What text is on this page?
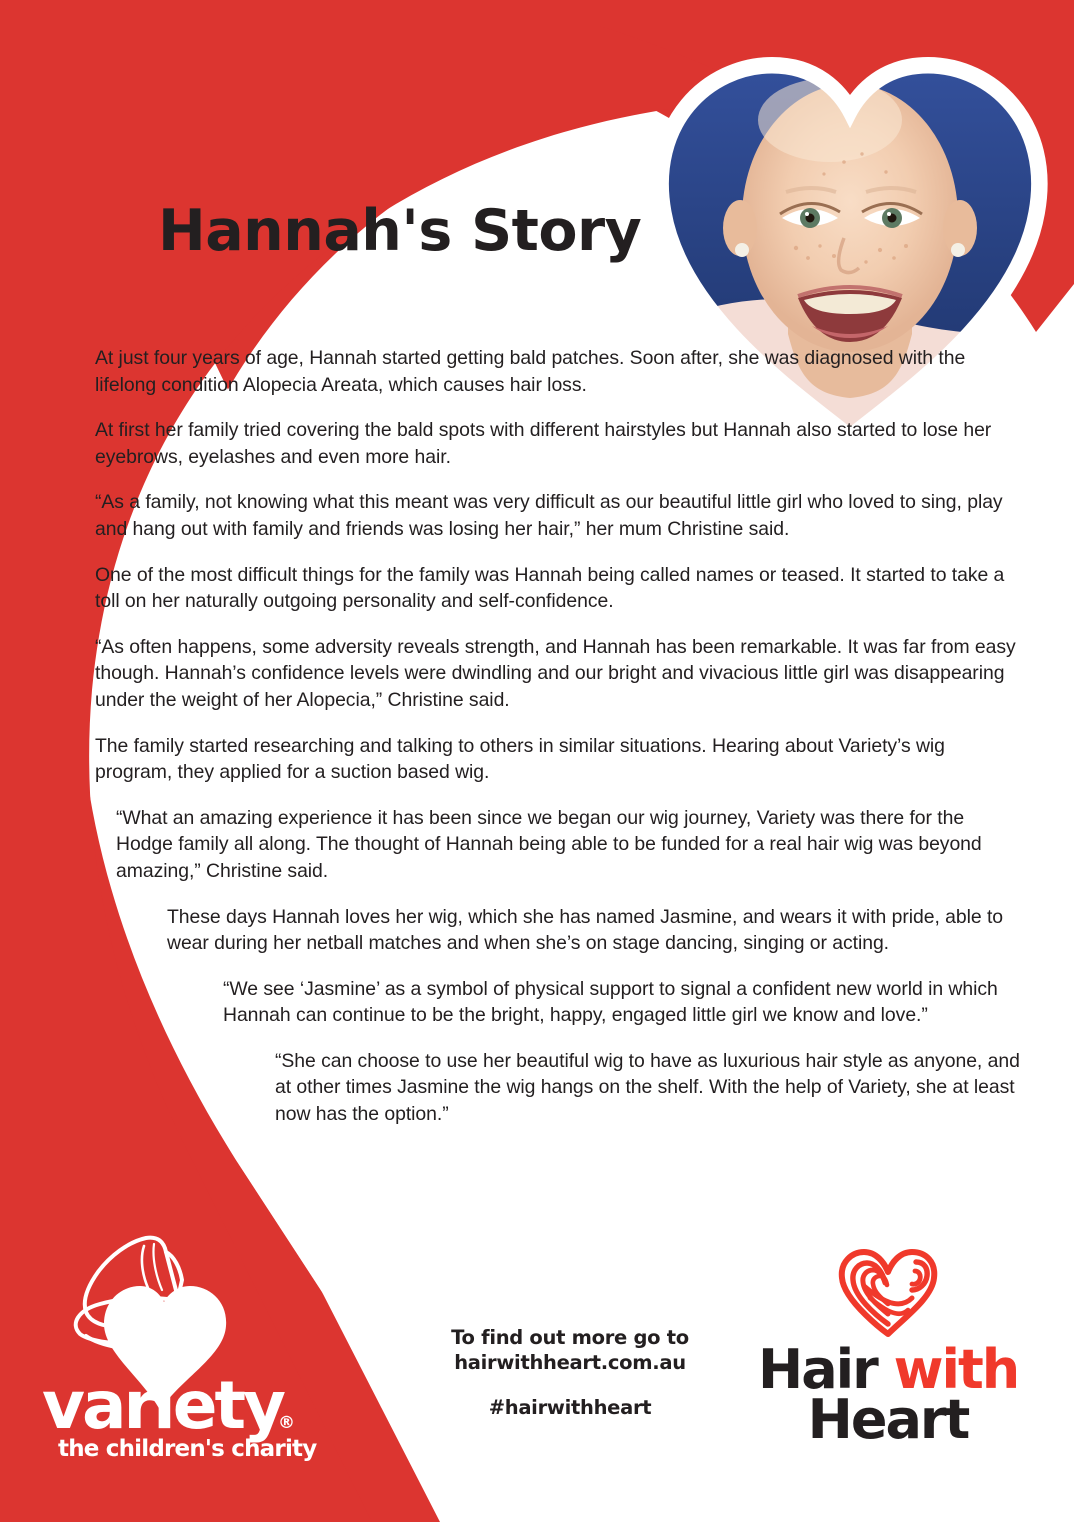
Hannah's Story

At just four years of age, Hannah started getting bald patches. Soon after, she was diagnosed with the lifelong condition Alopecia Areata, which causes hair loss.

At first her family tried covering the bald spots with different hairstyles but Hannah also started to lose her eyebrows, eyelashes and even more hair.

“As a family, not knowing what this meant was very difficult as our beautiful little girl who loved to sing, play and hang out with family and friends was losing her hair,” her mum Christine said.

One of the most difficult things for the family was Hannah being called names or teased. It started to take a toll on her naturally outgoing personality and self-confidence.

“As often happens, some adversity reveals strength, and Hannah has been remarkable. It was far from easy though. Hannah’s confidence levels were dwindling and our bright and vivacious little girl was disappearing under the weight of her Alopecia,” Christine said.

The family started researching and talking to others in similar situations. Hearing about Variety’s wig program, they applied for a suction based wig.

“What an amazing experience it has been since we began our wig journey, Variety was there for the Hodge family all along. The thought of Hannah being able to be funded for a real hair wig was beyond amazing,” Christine said.

These days Hannah loves her wig, which she has named Jasmine, and wears it with pride, able to wear during her netball matches and when she’s on stage dancing, singing or acting.

“We see ‘Jasmine’ as a symbol of physical support to signal a confident new world in which Hannah can continue to be the bright, happy, engaged little girl we know and love.”

“She can choose to use her beautiful wig to have as luxurious hair style as anyone, and at other times Jasmine the wig hangs on the shelf. With the help of Variety, she at least now has the option.”

variety
®
the children's charity
To find out more go to
hairwithheart.com.au
#hairwithheart
Hair with
Heart
